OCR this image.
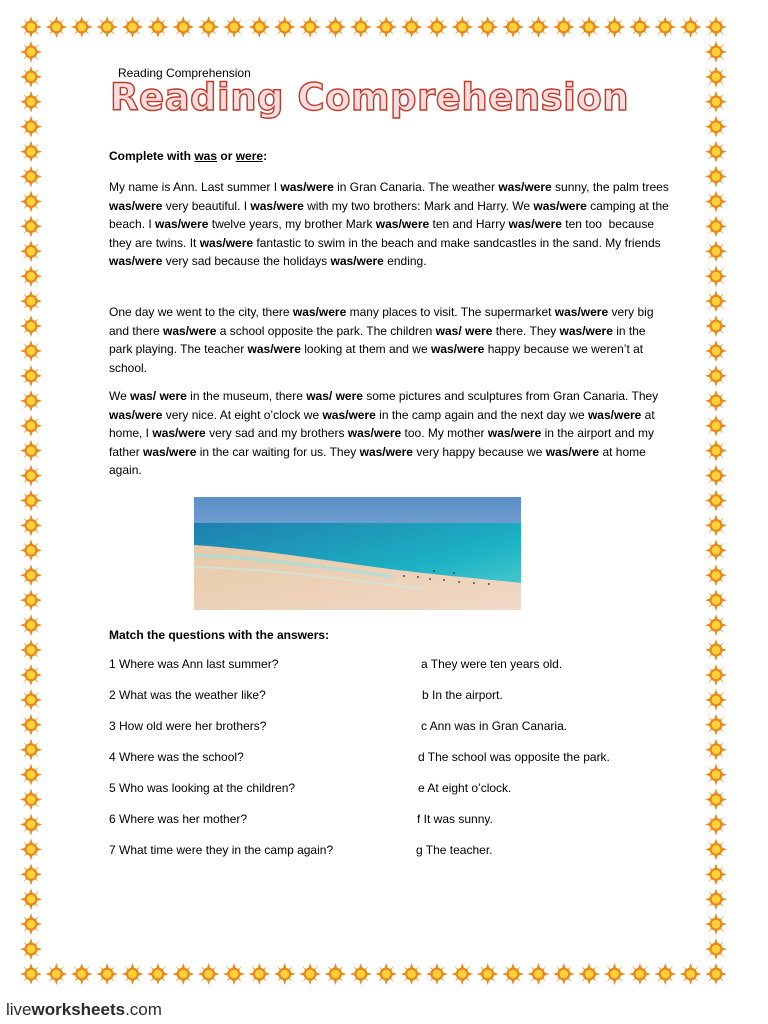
Reading Comprehension
Reading Comprehension
Complete with was or were:
My name is Ann. Last summer I was/were in Gran Canaria. The weather was/were sunny, the palm trees was/were very beautiful. I was/were with my two brothers: Mark and Harry. We was/were camping at the beach. I was/were twelve years, my brother Mark was/were ten and Harry was/were ten too  because they are twins. It was/were fantastic to swim in the beach and make sandcastles in the sand. My friends was/were very sad because the holidays was/were ending.
One day we went to the city, there was/were many places to visit. The supermarket was/were very big and there was/were a school opposite the park. The children was/ were there. They was/were in the park playing. The teacher was/were looking at them and we was/were happy because we weren’t at school.
We was/ were in the museum, there was/ were some pictures and sculptures from Gran Canaria. They was/were very nice. At eight o’clock we was/were in the camp again and the next day we was/were at home, I was/were very sad and my brothers was/were too. My mother was/were in the airport and my father was/were in the car waiting for us. They was/were very happy because we was/were at home again.
Match the questions with the answers:
1 Where was Ann last summer?
2 What was the weather like?
3 How old were her brothers?
4 Where was the school?
5 Who was looking at the children?
6 Where was her mother?
7 What time were they in the camp again?
a They were ten years old.
b In the airport.
c Ann was in Gran Canaria.
d The school was opposite the park.
e At eight o’clock.
f It was sunny.
g The teacher.
liveworksheets.com
